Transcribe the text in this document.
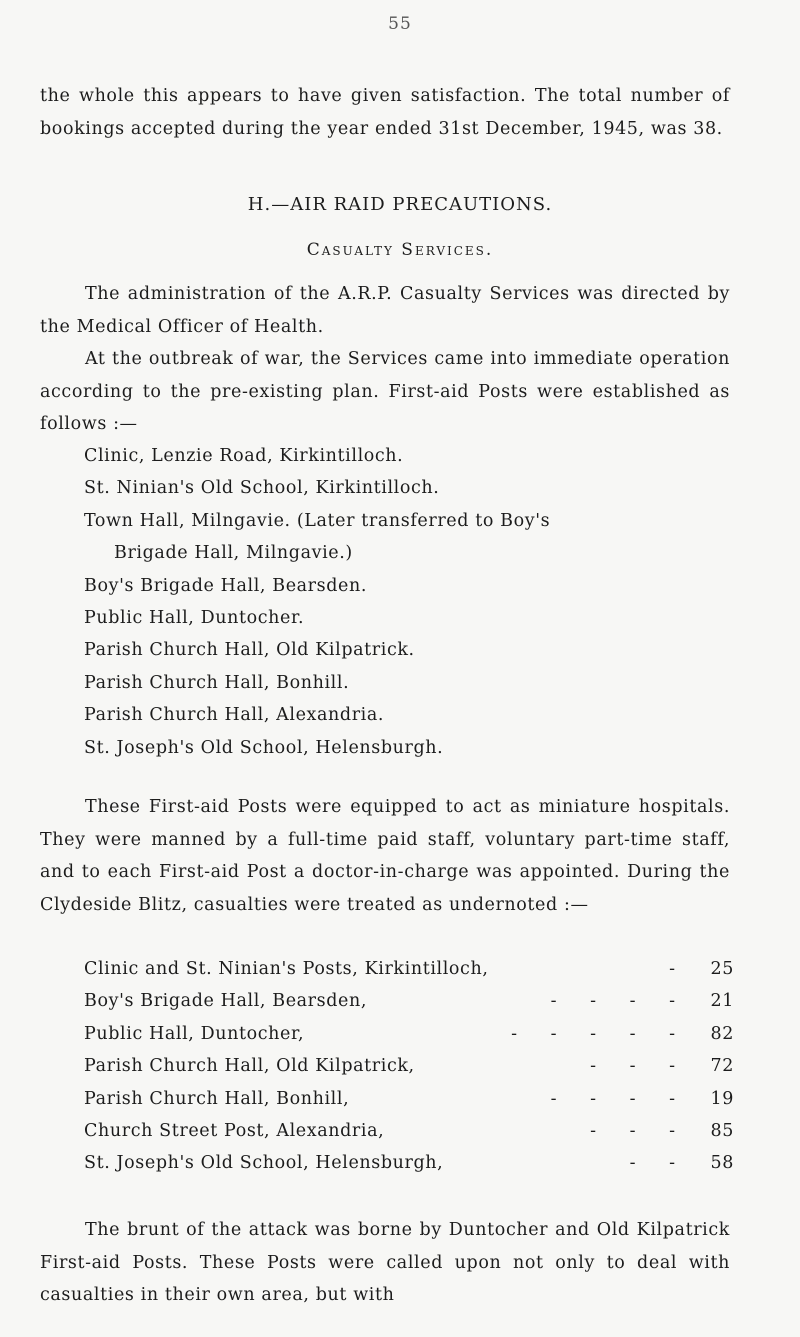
55
the whole this appears to have given satisfaction. The total number of bookings accepted during the year ended 31st December, 1945, was 38.
H.—AIR RAID PRECAUTIONS.
Casualty Services.
The administration of the A.R.P. Casualty Services was directed by the Medical Officer of Health.
At the outbreak of war, the Services came into immediate operation according to the pre-existing plan. First-aid Posts were established as follows :—
Clinic, Lenzie Road, Kirkintilloch.
St. Ninian's Old School, Kirkintilloch.
Town Hall, Milngavie. (Later transferred to Boy's
Brigade Hall, Milngavie.)
Boy's Brigade Hall, Bearsden.
Public Hall, Duntocher.
Parish Church Hall, Old Kilpatrick.
Parish Church Hall, Bonhill.
Parish Church Hall, Alexandria.
St. Joseph's Old School, Helensburgh.
These First-aid Posts were equipped to act as miniature hospitals. They were manned by a full-time paid staff, voluntary part-time staff, and to each First-aid Post a doctor-in-charge was appointed. During the Clydeside Blitz, casualties were treated as undernoted :—
Clinic and St. Ninian's Posts, Kirkintilloch,	-	25
Boy's Brigade Hall, Bearsden,	- - - -	21
Public Hall, Duntocher,	- - - - -	82
Parish Church Hall, Old Kilpatrick,	- - -	72
Parish Church Hall, Bonhill,	- - - -	19
Church Street Post, Alexandria,	- - -	85
St. Joseph's Old School, Helensburgh,	- -	58
The brunt of the attack was borne by Duntocher and Old Kilpatrick First-aid Posts. These Posts were called upon not only to deal with casualties in their own area, but with
